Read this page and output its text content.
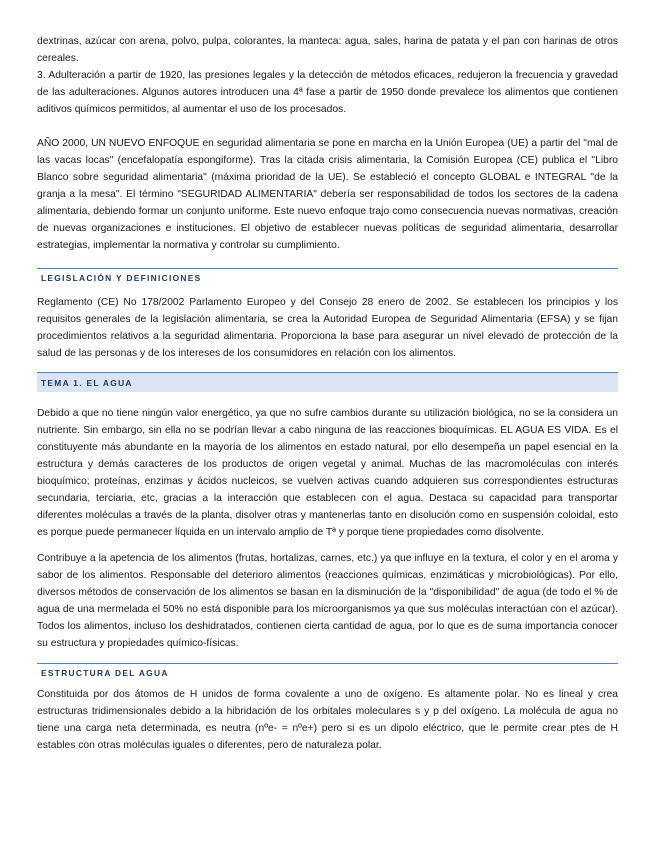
dextrinas, azúcar con arena, polvo, pulpa, colorantes, la manteca: agua, sales, harina de patata y el pan con harinas de otros cereales.

3. Adulteración a partir de 1920, las presiones legales y la detección de métodos eficaces, redujeron la frecuencia y gravedad de las adulteraciones. Algunos autores introducen una 4ª fase a partir de 1950 donde prevalece los alimentos que contienen aditivos químicos permitidos, al aumentar el uso de los procesados.

AÑO 2000, UN NUEVO ENFOQUE en seguridad alimentaria se pone en marcha en la Unión Europea (UE) a partir del "mal de las vacas locas" (encefalopatía espongiforme). Tras la citada crisis alimentaria, la Comisión Europea (CE) publica el "Libro Blanco sobre seguridad alimentaria" (máxima prioridad de la UE). Se estableció el concepto GLOBAL e INTEGRAL "de la granja a la mesa". El término "SEGURIDAD ALIMENTARIA" debería ser responsabilidad de todos los sectores de la cadena alimentaria, debiendo formar un conjunto uniforme. Este nuevo enfoque trajo como consecuencia nuevas normativas, creación de nuevas organizaciones e instituciones. El objetivo de establecer nuevas políticas de seguridad alimentaria, desarrollar estrategias, implementar la normativa y controlar su cumplimiento.

LEGISLACIÓN Y DEFINICIONES

Reglamento (CE) No 178/2002 Parlamento Europeo y del Consejo 28 enero de 2002. Se establecen los principios y los requisitos generales de la legislación alimentaria, se crea la Autoridad Europea de Seguridad Alimentaria (EFSA) y se fijan procedimientos relativos a la seguridad alimentaria. Proporciona la base para asegurar un nivel elevado de protección de la salud de las personas y de los intereses de los consumidores en relación con los alimentos.

TEMA 1. EL AGUA

Debido a que no tiene ningún valor energético, ya que no sufre cambios durante su utilización biológica, no se la considera un nutriente. Sin embargo, sin ella no se podrían llevar a cabo ninguna de las reacciones bioquímicas. EL AGUA ES VIDA. Es el constituyente más abundante en la mayoría de los alimentos en estado natural, por ello desempeña un papel esencial en la estructura y demás caracteres de los productos de origen vegetal y animal. Muchas de las macromoléculas con interés bioquímico; proteínas, enzimas y ácidos nucleicos, se vuelven activas cuando adquieren sus correspondientes estructuras secundaria, terciaria, etc, gracias a la interacción que establecen con el agua. Destaca su capacidad para transportar diferentes moléculas a través de la planta, disolver otras y mantenerlas tanto en disolución como en suspensión coloidal, esto es porque puede permanecer líquida en un intervalo amplio de Tª y porque tiene propiedades como disolvente.

Contribuye a la apetencia de los alimentos (frutas, hortalizas, carnes, etc.) ya que influye en la textura, el color y en el aroma y sabor de los alimentos. Responsable del deterioro alimentos (reacciones químicas, enzimáticas y microbiológicas). Por ello, diversos métodos de conservación de los alimentos se basan en la disminución de la "disponibilidad" de agua (de todo el % de agua de una mermelada el 50% no está disponible para los microorganismos ya que sus moléculas interactúan con el azúcar). Todos los alimentos, incluso los deshidratados, contienen cierta cantidad de agua, por lo que es de suma importancia conocer su estructura y propiedades químico-físicas.

ESTRUCTURA DEL AGUA

Constituida por dos átomos de H unidos de forma covalente a uno de oxígeno. Es altamente polar. No es lineal y crea estructuras tridimensionales debido a la hibridación de los orbitales moleculares s y p del oxígeno. La molécula de agua no tiene una carga neta determinada, es neutra (nºe- = nºe+) pero si es un dipolo eléctrico, que le permite crear ptes de H estables con otras moléculas iguales o diferentes, pero de naturaleza polar.
